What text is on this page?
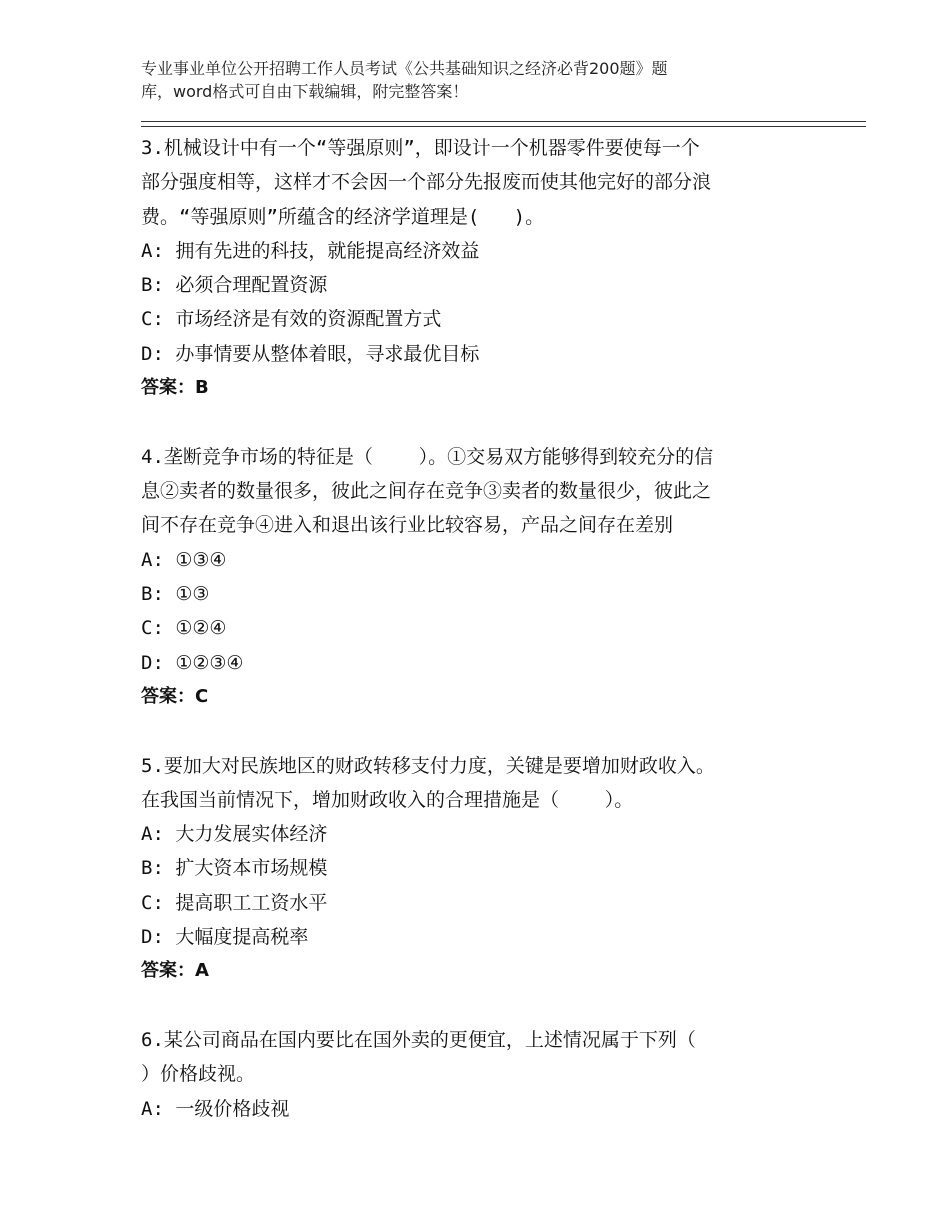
专业事业单位公开招聘工作人员考试《公共基础知识之经济必背200题》题
库，word格式可自由下载编辑，附完整答案！
3.机械设计中有一个“等强原则”，即设计一个机器零件要使每一个
部分强度相等，这样才不会因一个部分先报废而使其他完好的部分浪
费。“等强原则”所蕴含的经济学道理是(   )。
A: 拥有先进的科技，就能提高经济效益
B: 必须合理配置资源
C: 市场经济是有效的资源配置方式
D: 办事情要从整体着眼，寻求最优目标
答案：B
4.垄断竞争市场的特征是（    ）。①交易双方能够得到较充分的信
息②卖者的数量很多，彼此之间存在竞争③卖者的数量很少，彼此之
间不存在竞争④进入和退出该行业比较容易，产品之间存在差别
A: ①③④
B: ①③
C: ①②④
D: ①②③④
答案：C
5.要加大对民族地区的财政转移支付力度，关键是要增加财政收入。
在我国当前情况下，增加财政收入的合理措施是（    ）。
A: 大力发展实体经济
B: 扩大资本市场规模
C: 提高职工工资水平
D: 大幅度提高税率
答案：A
6.某公司商品在国内要比在国外卖的更便宜，上述情况属于下列（
）价格歧视。
A: 一级价格歧视
